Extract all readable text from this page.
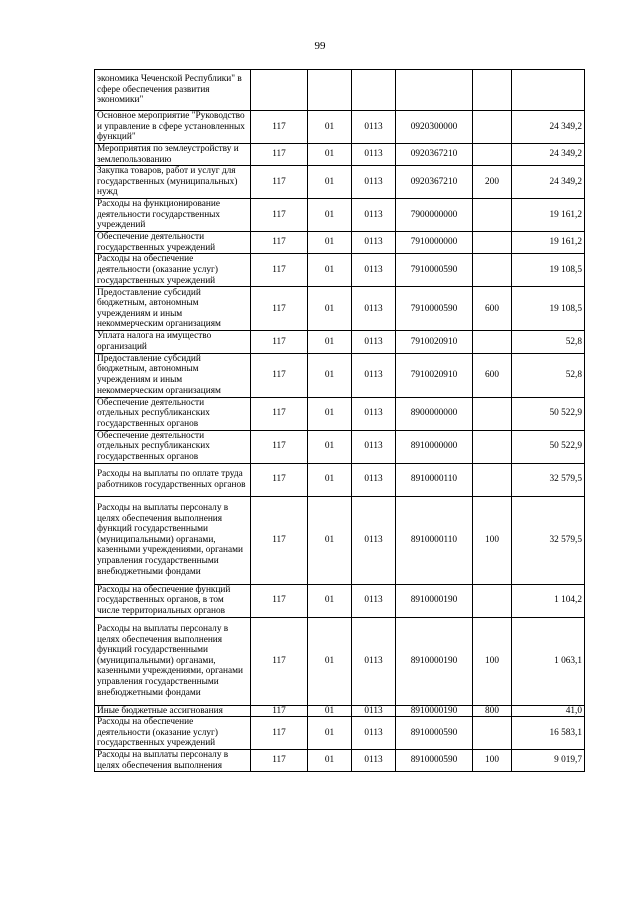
99
экономика Чеченской Республики" в сфере обеспечения развития экономики"						
Основное мероприятие "Руководство и управление в сфере установленных функций"	117	01	0113	0920300000		24 349,2
Мероприятия по землеустройству и землепользованию	117	01	0113	0920367210		24 349,2
Закупка товаров, работ и услуг для государственных (муниципальных) нужд	117	01	0113	0920367210	200	24 349,2
Расходы на функционирование деятельности государственных учреждений	117	01	0113	7900000000		19 161,2
Обеспечение деятельности государственных учреждений	117	01	0113	7910000000		19 161,2
Расходы на обеспечение деятельности (оказание услуг) государственных учреждений	117	01	0113	7910000590		19 108,5
Предоставление субсидий бюджетным, автономным учреждениям и иным некоммерческим организациям	117	01	0113	7910000590	600	19 108,5
Уплата налога на имущество организаций	117	01	0113	7910020910		52,8
Предоставление субсидий бюджетным, автономным учреждениям и иным некоммерческим организациям	117	01	0113	7910020910	600	52,8
Обеспечение деятельности отдельных республиканских государственных органов	117	01	0113	8900000000		50 522,9
Обеспечение деятельности отдельных республиканских государственных органов	117	01	0113	8910000000		50 522,9
Расходы на выплаты по оплате труда работников государственных органов	117	01	0113	8910000110		32 579,5
Расходы на выплаты персоналу в целях обеспечения выполнения функций государственными (муниципальными) органами, казенными учреждениями, органами управления государственными внебюджетными фондами	117	01	0113	8910000110	100	32 579,5
Расходы на обеспечение функций государственных органов, в том числе территориальных органов	117	01	0113	8910000190		1 104,2
Расходы на выплаты персоналу в целях обеспечения выполнения функций государственными (муниципальными) органами, казенными учреждениями, органами управления государственными внебюджетными фондами	117	01	0113	8910000190	100	1 063,1
Иные бюджетные ассигнования	117	01	0113	8910000190	800	41,0
Расходы на обеспечение деятельности (оказание услуг) государственных учреждений	117	01	0113	8910000590		16 583,1
Расходы на выплаты персоналу в целях обеспечения выполнения	117	01	0113	8910000590	100	9 019,7
